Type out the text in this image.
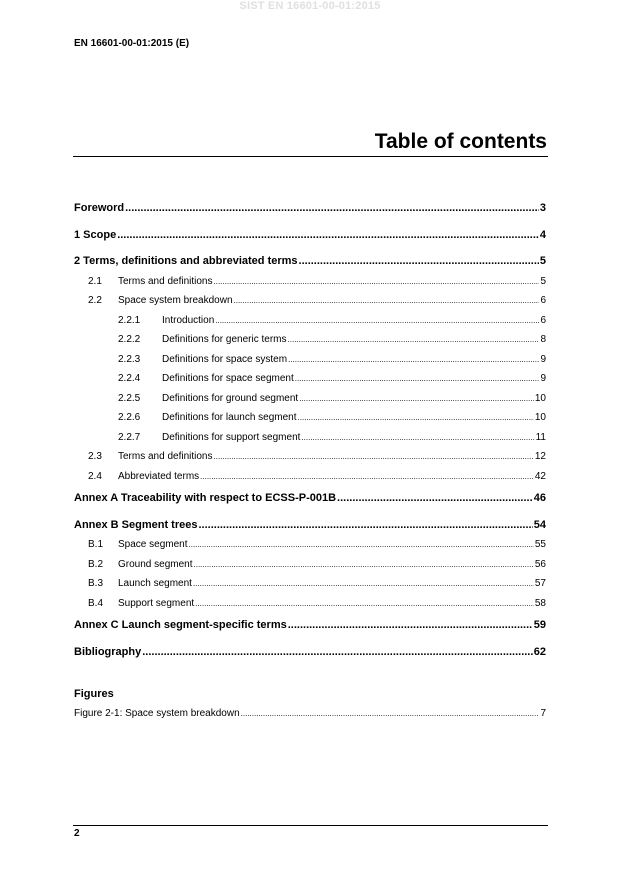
SIST EN 16601-00-01:2015
EN 16601-00-01:2015 (E)
Table of contents
Foreword .....	3
1 Scope .....	4
2 Terms, definitions and abbreviated terms .....	5
2.1	Terms and definitions .....	5
2.2	Space system breakdown .....	6
2.2.1	Introduction .....	6
2.2.2	Definitions for generic terms .....	8
2.2.3	Definitions for space system .....	9
2.2.4	Definitions for space segment .....	9
2.2.5	Definitions for ground segment .....	10
2.2.6	Definitions for launch segment .....	10
2.2.7	Definitions for support segment .....	11
2.3	Terms and definitions .....	12
2.4	Abbreviated terms .....	42
Annex A Traceability with respect to ECSS-P-001B .....	46
Annex B Segment trees .....	54
B.1	Space segment .....	55
B.2	Ground segment .....	56
B.3	Launch segment .....	57
B.4	Support segment .....	58
Annex C Launch segment-specific terms .....	59
Bibliography .....	62
Figures
Figure 2-1: Space system breakdown .....	7
2
